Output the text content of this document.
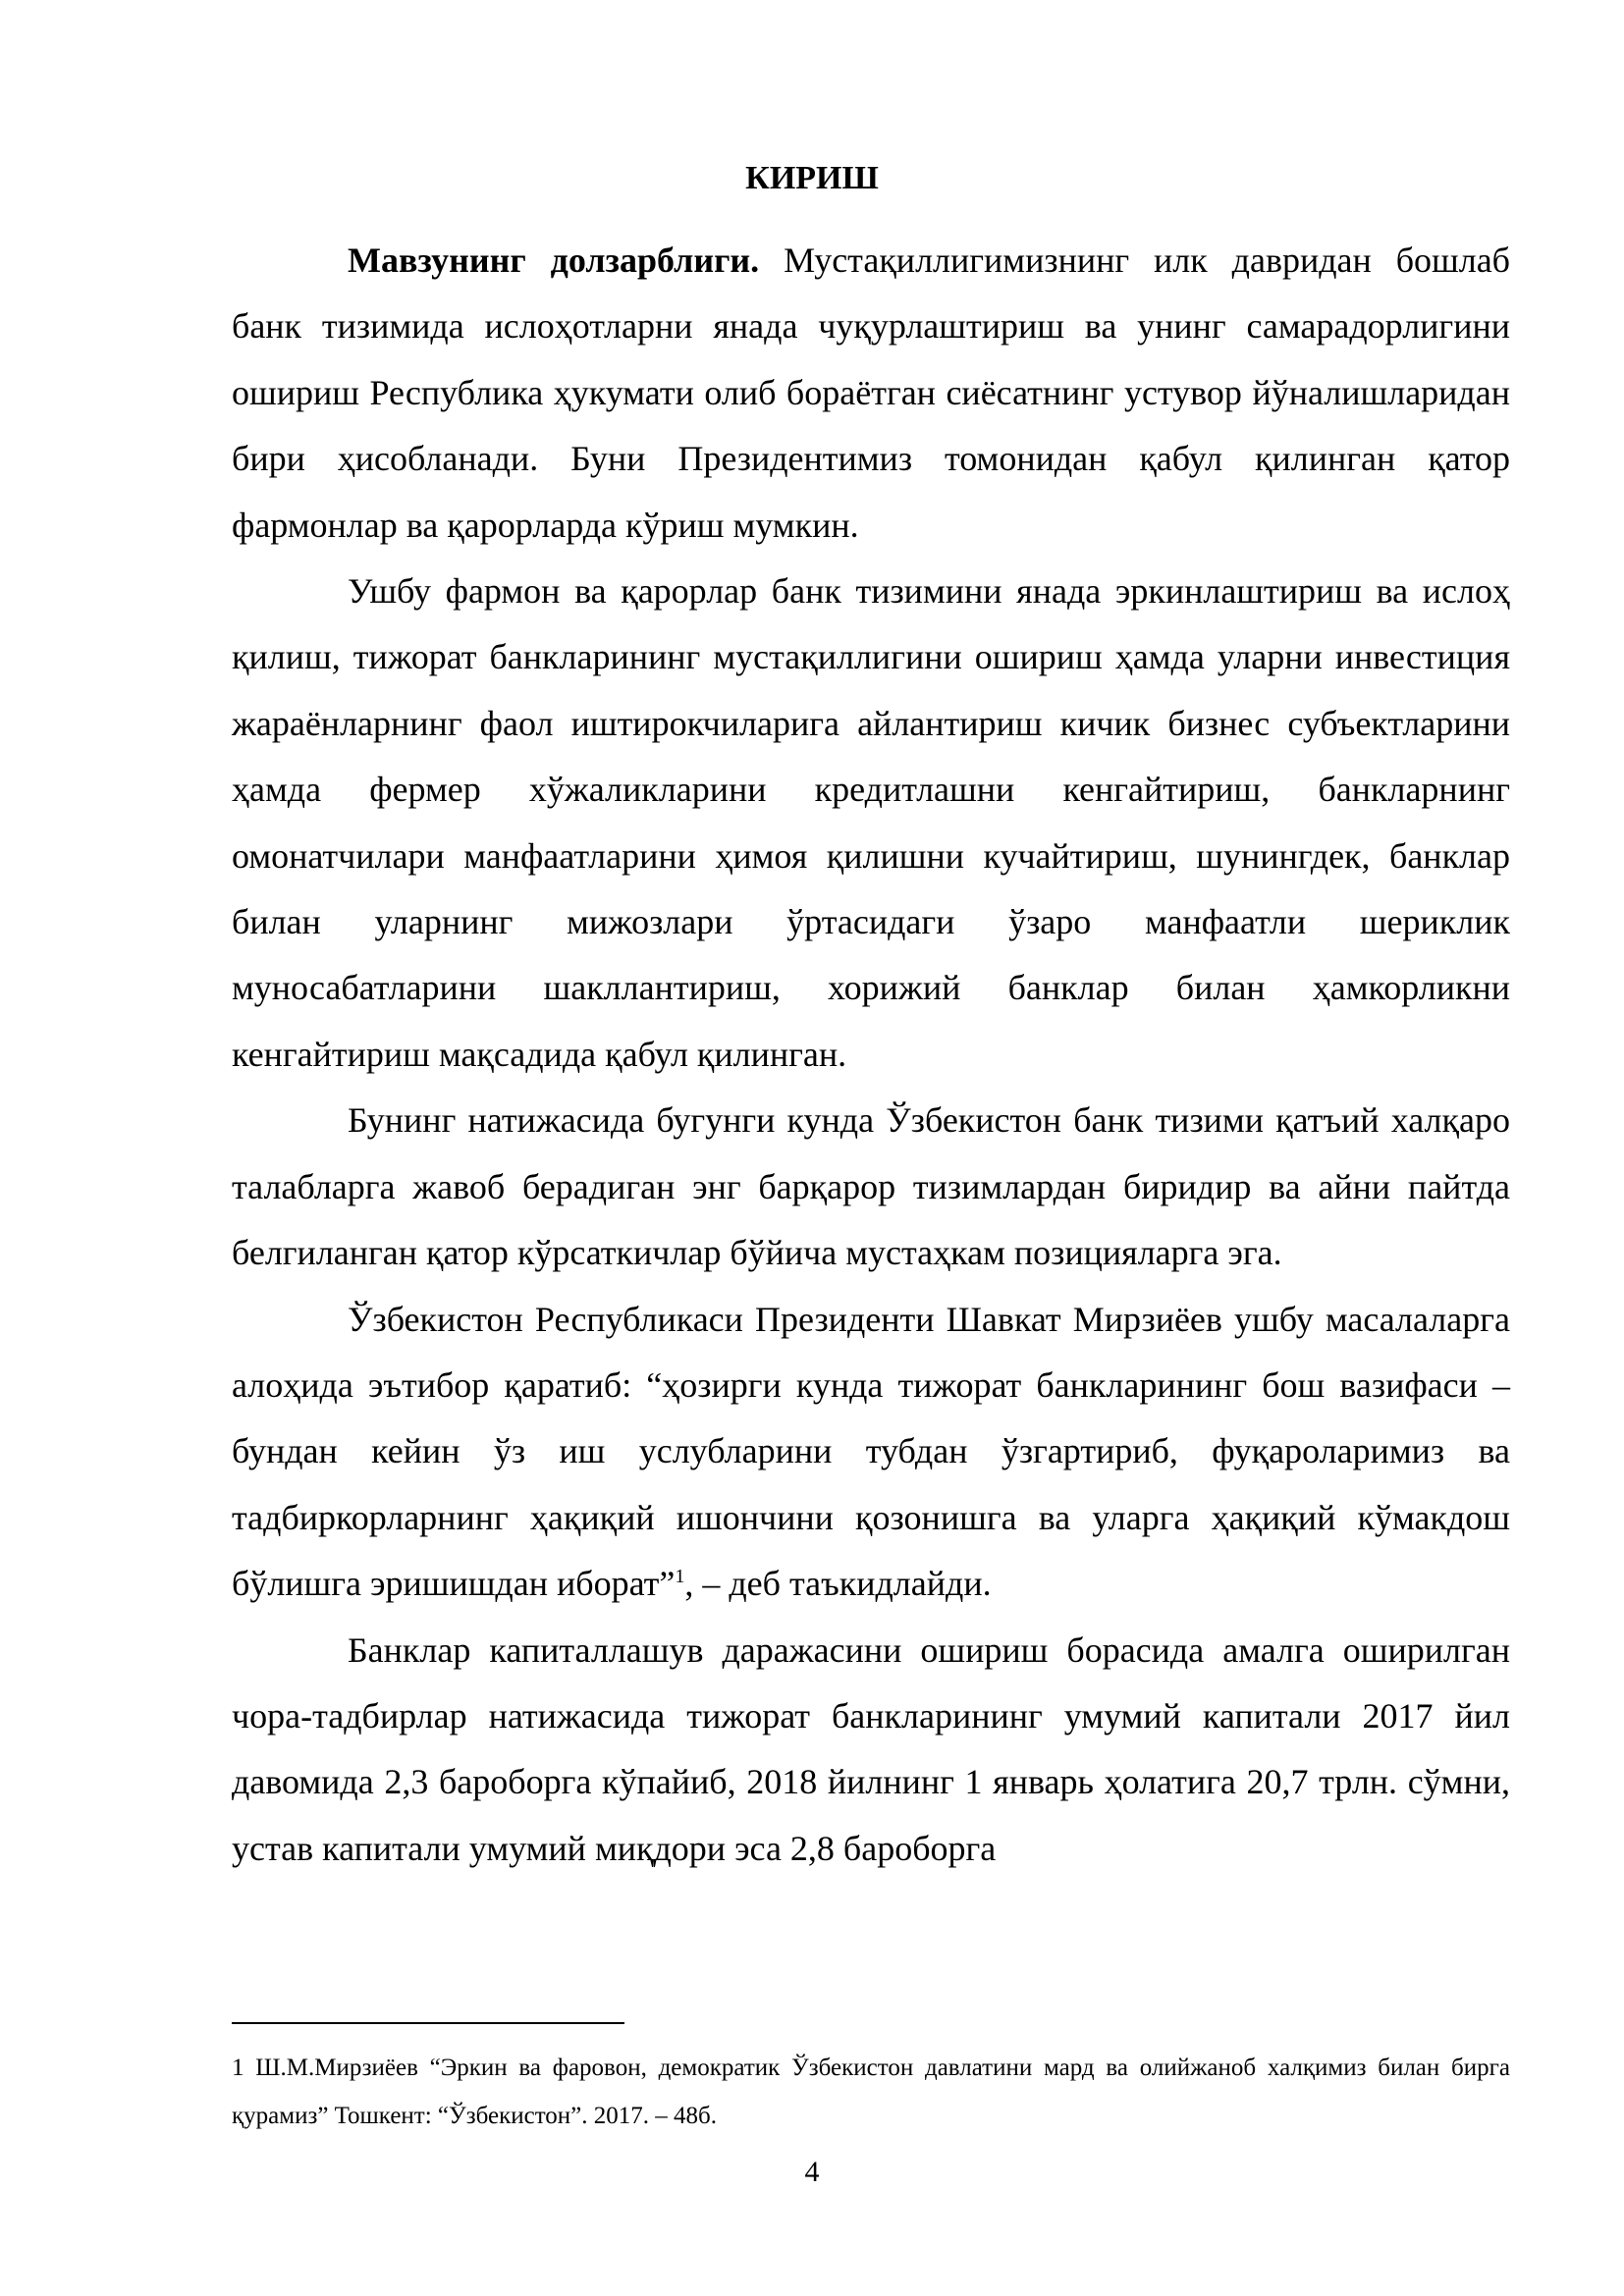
КИРИШ

Мавзунинг долзарблиги. Мустақиллигимизнинг илк давридан бошлаб банк тизимида ислоҳотларни янада чуқурлаштириш ва унинг самарадорлигини ошириш Республика ҳукумати олиб бораётган сиёсатнинг устувор йўналишларидан бири ҳисобланади. Буни Президентимиз томонидан қабул қилинган қатор фармонлар ва қарорларда кўриш мумкин.

Ушбу фармон ва қарорлар банк тизимини янада эркинлаштириш ва ислоҳ қилиш, тижорат банкларининг мустақиллигини ошириш ҳамда уларни инвестиция жараёнларнинг фаол иштирокчиларига айлантириш кичик бизнес субъектларини ҳамда фермер хўжаликларини кредитлашни кенгайтириш, банкларнинг омонатчилари манфаатларини ҳимоя қилишни кучайтириш, шунингдек, банклар билан уларнинг мижозлари ўртасидаги ўзаро манфаатли шериклик муносабатларини шакллантириш, хорижий банклар билан ҳамкорликни кенгайтириш мақсадида қабул қилинган.

Бунинг натижасида бугунги кунда Ўзбекистон банк тизими қатъий халқаро талабларга жавоб берадиган энг барқарор тизимлардан биридир ва айни пайтда белгиланган қатор кўрсаткичлар бўйича мустаҳкам позицияларга эга.

Ўзбекистон Республикаси Президенти Шавкат Мирзиёев ушбу масалаларга алоҳида эътибор қаратиб: “ҳозирги кунда тижорат банкларининг бош вазифаси – бундан кейин ўз иш услубларини тубдан ўзгартириб, фуқароларимиз ва тадбиркорларнинг ҳақиқий ишончини қозонишга ва уларга ҳақиқий кўмакдош бўлишга эришишдан иборат”$^1$, – деб таъкидлайди.

Банклар капиталлашув даражасини ошириш борасида амалга оширилган чора-тадбирлар натижасида тижорат банкларининг умумий капитали 2017 йил давомида 2,3 бароборга кўпайиб, 2018 йилнинг 1 январь ҳолатига 20,7 трлн. сўмни, устав капитали умумий миқдори эса 2,8 бароборга

1 Ш.М.Мирзиёев “Эркин ва фаровон, демократик Ўзбекистон давлатини мард ва олийжаноб халқимиз билан бирга қурамиз” Тошкент: “Ўзбекистон”. 2017. – 48б.
4
